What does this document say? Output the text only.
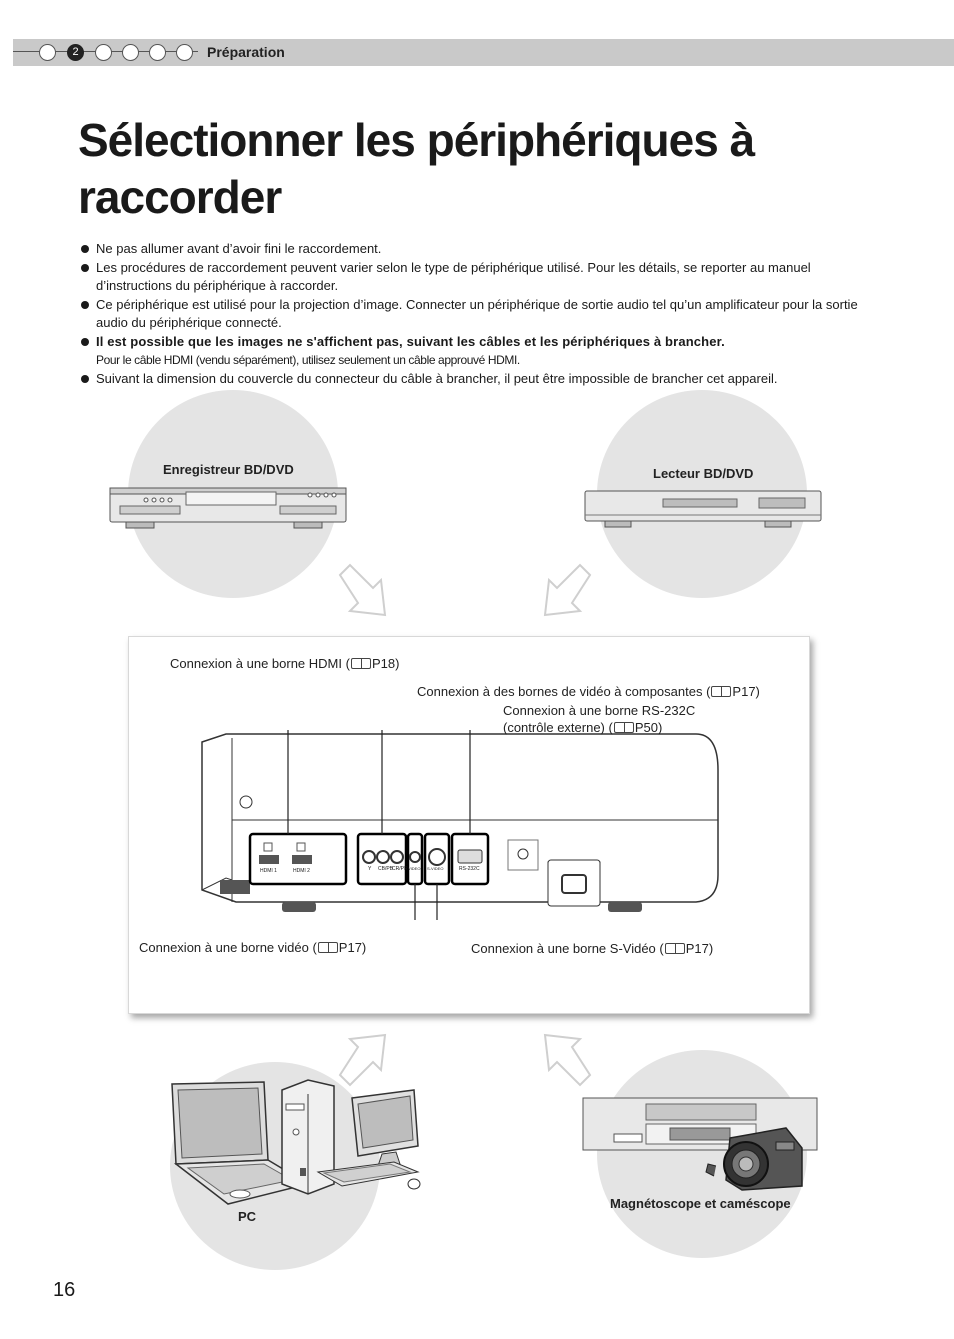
2	Préparation
Sélectionner les périphériques à
raccorder
Ne pas allumer avant d’avoir fini le raccordement.
Les procédures de raccordement peuvent varier selon le type de périphérique utilisé. Pour les détails, se reporter au manuel d’instructions du périphérique à raccorder.
Ce périphérique est utilisé pour la projection d’image. Connecter un périphérique de sortie audio tel qu’un amplificateur pour la sortie audio du périphérique connecté.
Il est possible que les images ne s'affichent pas, suivant les câbles et les périphériques à brancher.
Pour le câble HDMI (vendu séparément), utilisez seulement un câble approuvé HDMI.
Suivant la dimension du couvercle du connecteur du câble à brancher, il peut être impossible de brancher cet appareil.
Enregistreur BD/DVD	Lecteur BD/DVD
PC
Magnétoscope et caméscope
HDMI 1	HDMI 2	Y CB/PB
CR/PR VIDEO S-VIDEO	RS-232C
Connexion à une borne HDMI ( P18)
Connexion à des bornes de vidéo à composantes ( P17)
Connexion à une borne RS-232C
(contrôle externe) ( P50)
Connexion à une borne vidéo ( P17)	Connexion à une borne S-Vidéo ( P17)
16
